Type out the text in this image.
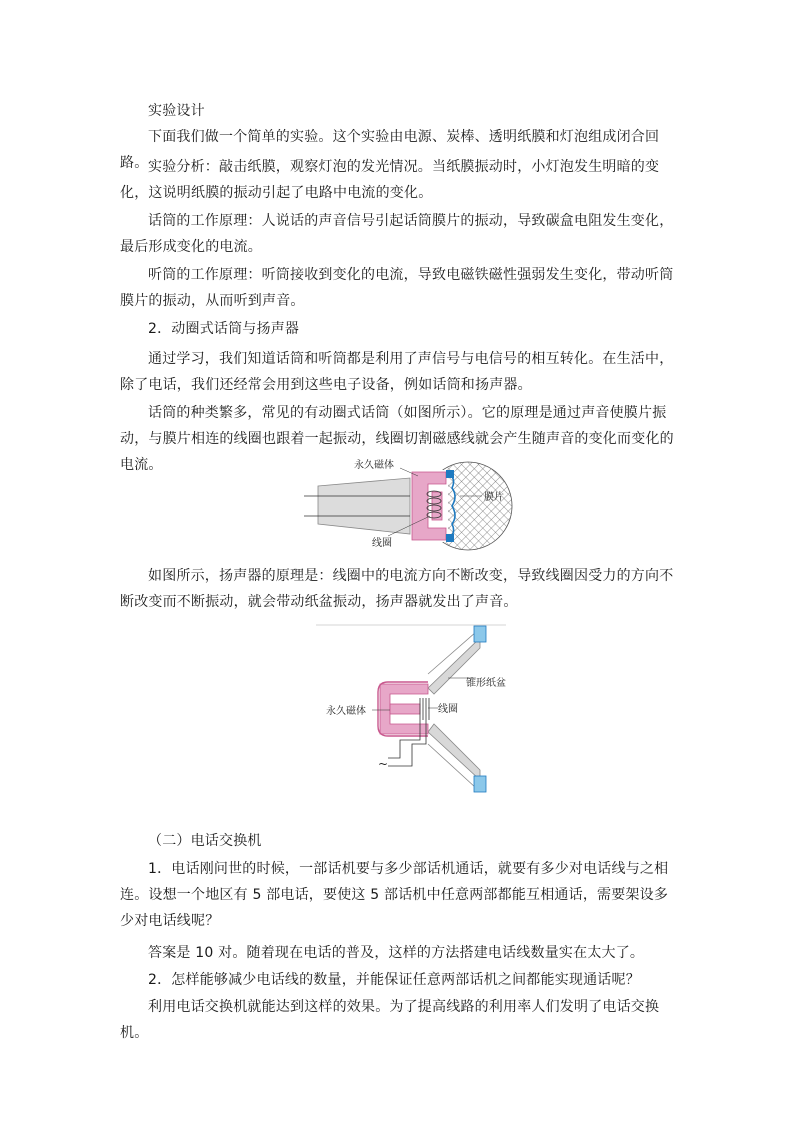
实验设计

下面我们做一个简单的实验。这个实验由电源、炭棒、透明纸膜和灯泡组成闭合回路。 实验分析：敲击纸膜，观察灯泡的发光情况。当纸膜振动时，小灯泡发生明暗的变化，这说明纸膜的振动引起了电路中电流的变化。

话筒的工作原理：人说话的声音信号引起话筒膜片的振动，导致碳盒电阻发生变化，最后形成变化的电流。

听筒的工作原理：听筒接收到变化的电流，导致电磁铁磁性强弱发生变化，带动听筒膜片的振动，从而听到声音。

2．动圈式话筒与扬声器

通过学习，我们知道话筒和听筒都是利用了声信号与电信号的相互转化。在生活中，除了电话，我们还经常会用到这些电子设备，例如话筒和扬声器。

话筒的种类繁多，常见的有动圈式话筒（如图所示）。它的原理是通过声音使膜片振动，与膜片相连的线圈也跟着一起振动，线圈切割磁感线就会产生随声音的变化而变化的电流。	永久磁体
膜片
线圈

如图所示，扬声器的原理是：线圈中的电流方向不断改变，导致线圈因受力的方向不断改变而不断振动，就会带动纸盆振动，扬声器就发出了声音。

锥形纸盆
永久磁体	线圈
~

（二）电话交换机

1．电话刚问世的时候，一部话机要与多少部话机通话，就要有多少对电话线与之相连。设想一个地区有 5 部电话，要使这 5 部话机中任意两部都能互相通话，需要架设多少对电话线呢？

答案是 10 对。随着现在电话的普及，这样的方法搭建电话线数量实在太大了。

2．怎样能够减少电话线的数量，并能保证任意两部话机之间都能实现通话呢？

利用电话交换机就能达到这样的效果。为了提高线路的利用率人们发明了电话交换机。
